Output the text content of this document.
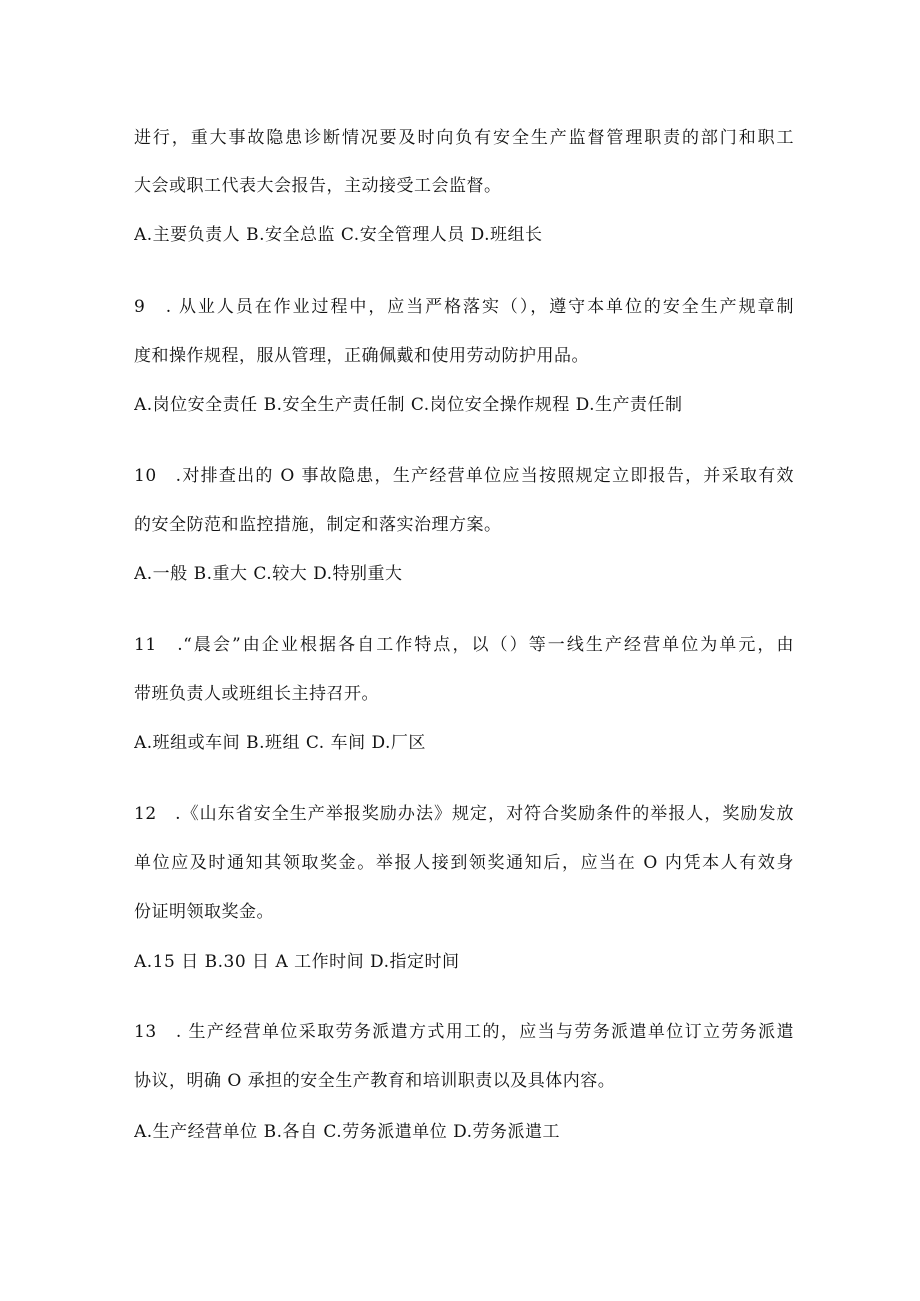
进行，重大事故隐患诊断情况要及时向负有安全生产监督管理职责的部门和职工
大会或职工代表大会报告，主动接受工会监督。
A.主要负责人 B.安全总监 C.安全管理人员 D.班组长
9　. 从业人员在作业过程中，应当严格落实（），遵守本单位的安全生产规章制
度和操作规程，服从管理，正确佩戴和使用劳动防护用品。
A.岗位安全责任 B.安全生产责任制 C.岗位安全操作规程 D.生产责任制
10　.对排查出的 O 事故隐患，生产经营单位应当按照规定立即报告，并采取有效
的安全防范和监控措施，制定和落实治理方案。
A.一般 B.重大 C.较大 D.特别重大
11　.“晨会”由企业根据各自工作特点，以（）等一线生产经营单位为单元，由
带班负责人或班组长主持召开。
A.班组或车间 B.班组 C. 车间 D.厂区
12　.《山东省安全生产举报奖励办法》规定，对符合奖励条件的举报人，奖励发放
单位应及时通知其领取奖金。举报人接到领奖通知后，应当在 O 内凭本人有效身
份证明领取奖金。
A.15 日 B.30 日 A 工作时间 D.指定时间
13　. 生产经营单位采取劳务派遣方式用工的，应当与劳务派遣单位订立劳务派遣
协议，明确 O 承担的安全生产教育和培训职责以及具体内容。
A.生产经营单位 B.各自 C.劳务派遣单位 D.劳务派遣工
